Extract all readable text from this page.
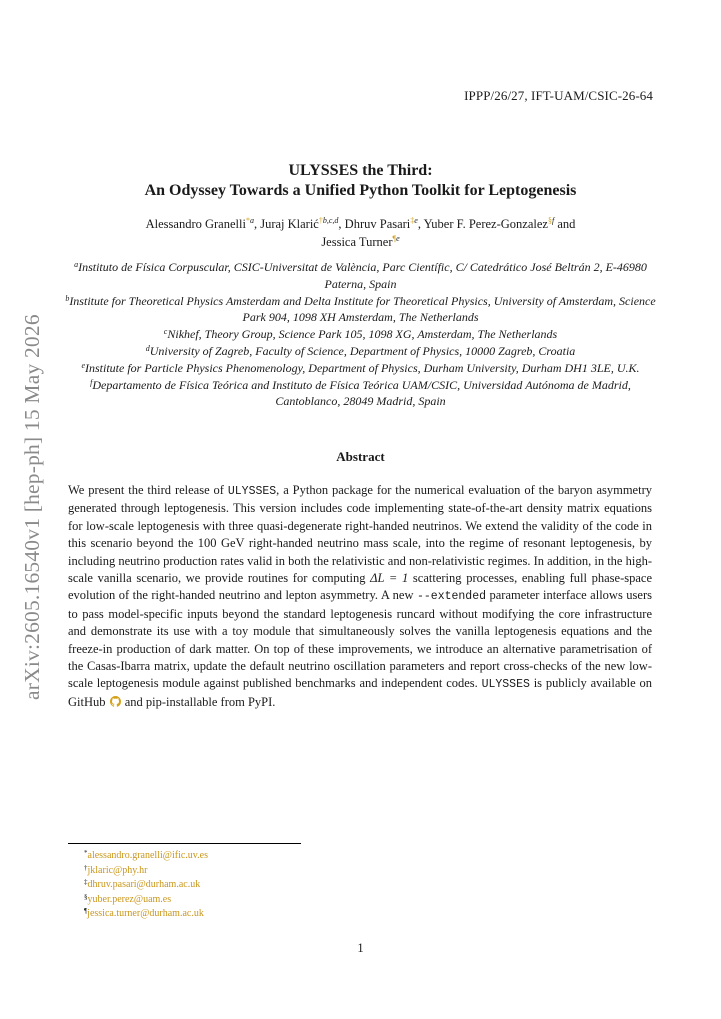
IPPP/26/27, IFT-UAM/CSIC-26-64
arXiv:2605.16540v1 [hep-ph] 15 May 2026
ULYSSES the Third:
An Odyssey Towards a Unified Python Toolkit for Leptogenesis
Alessandro Granelli$^{*a}$, Juraj Klarić$^{\dagger b,c,d}$, Dhruv Pasari$^{\ddagger e}$, Yuber F. Perez-Gonzalez$^{\S f}$ and
Jessica Turner$^{\P e}$

$^a$Instituto de Física Corpuscular, CSIC-Universitat de València, Parc Científic, C/ Catedrático José Beltrán 2, E-46980 Paterna, Spain

$^b$Institute for Theoretical Physics Amsterdam and Delta Institute for Theoretical Physics, University of Amsterdam, Science Park 904, 1098 XH Amsterdam, The Netherlands

$^c$Nikhef, Theory Group, Science Park 105, 1098 XG, Amsterdam, The Netherlands

$^d$University of Zagreb, Faculty of Science, Department of Physics, 10000 Zagreb, Croatia

$^e$Institute for Particle Physics Phenomenology, Department of Physics, Durham University, Durham DH1 3LE, U.K.

$^f$Departamento de Física Teórica and Instituto de Física Teórica UAM/CSIC, Universidad Autónoma de Madrid, Cantoblanco, 28049 Madrid, Spain

Abstract
We present the third release of ULYSSES, a Python package for the numerical evaluation of the baryon asymmetry generated through leptogenesis. This version includes code implementing state-of-the-art density matrix equations for low-scale leptogenesis with three quasi-degenerate right-handed neutrinos. We extend the validity of the code in this scenario beyond the 100 GeV right-handed neutrino mass scale, into the regime of resonant leptogenesis, by including neutrino production rates valid in both the relativistic and non-relativistic regimes. In addition, in the high-scale vanilla scenario, we provide routines for computing ΔL = 1 scattering processes, enabling full phase-space evolution of the right-handed neutrino and lepton asymmetry. A new --extended parameter interface allows users to pass model-specific inputs beyond the standard leptogenesis runcard without modifying the core infrastructure and demonstrate its use with a toy module that simultaneously solves the vanilla leptogenesis equations and the freeze-in production of dark matter. On top of these improvements, we introduce an alternative parametrisation of the Casas-Ibarra matrix, update the default neutrino oscillation parameters and report cross-checks of the new low-scale leptogenesis module against published benchmarks and independent codes. ULYSSES is publicly available on GitHub  and pip-installable from PyPI.
*alessandro.granelli@ific.uv.es
†jklaric@phy.hr
‡dhruv.pasari@durham.ac.uk
§yuber.perez@uam.es
¶jessica.turner@durham.ac.uk
1
